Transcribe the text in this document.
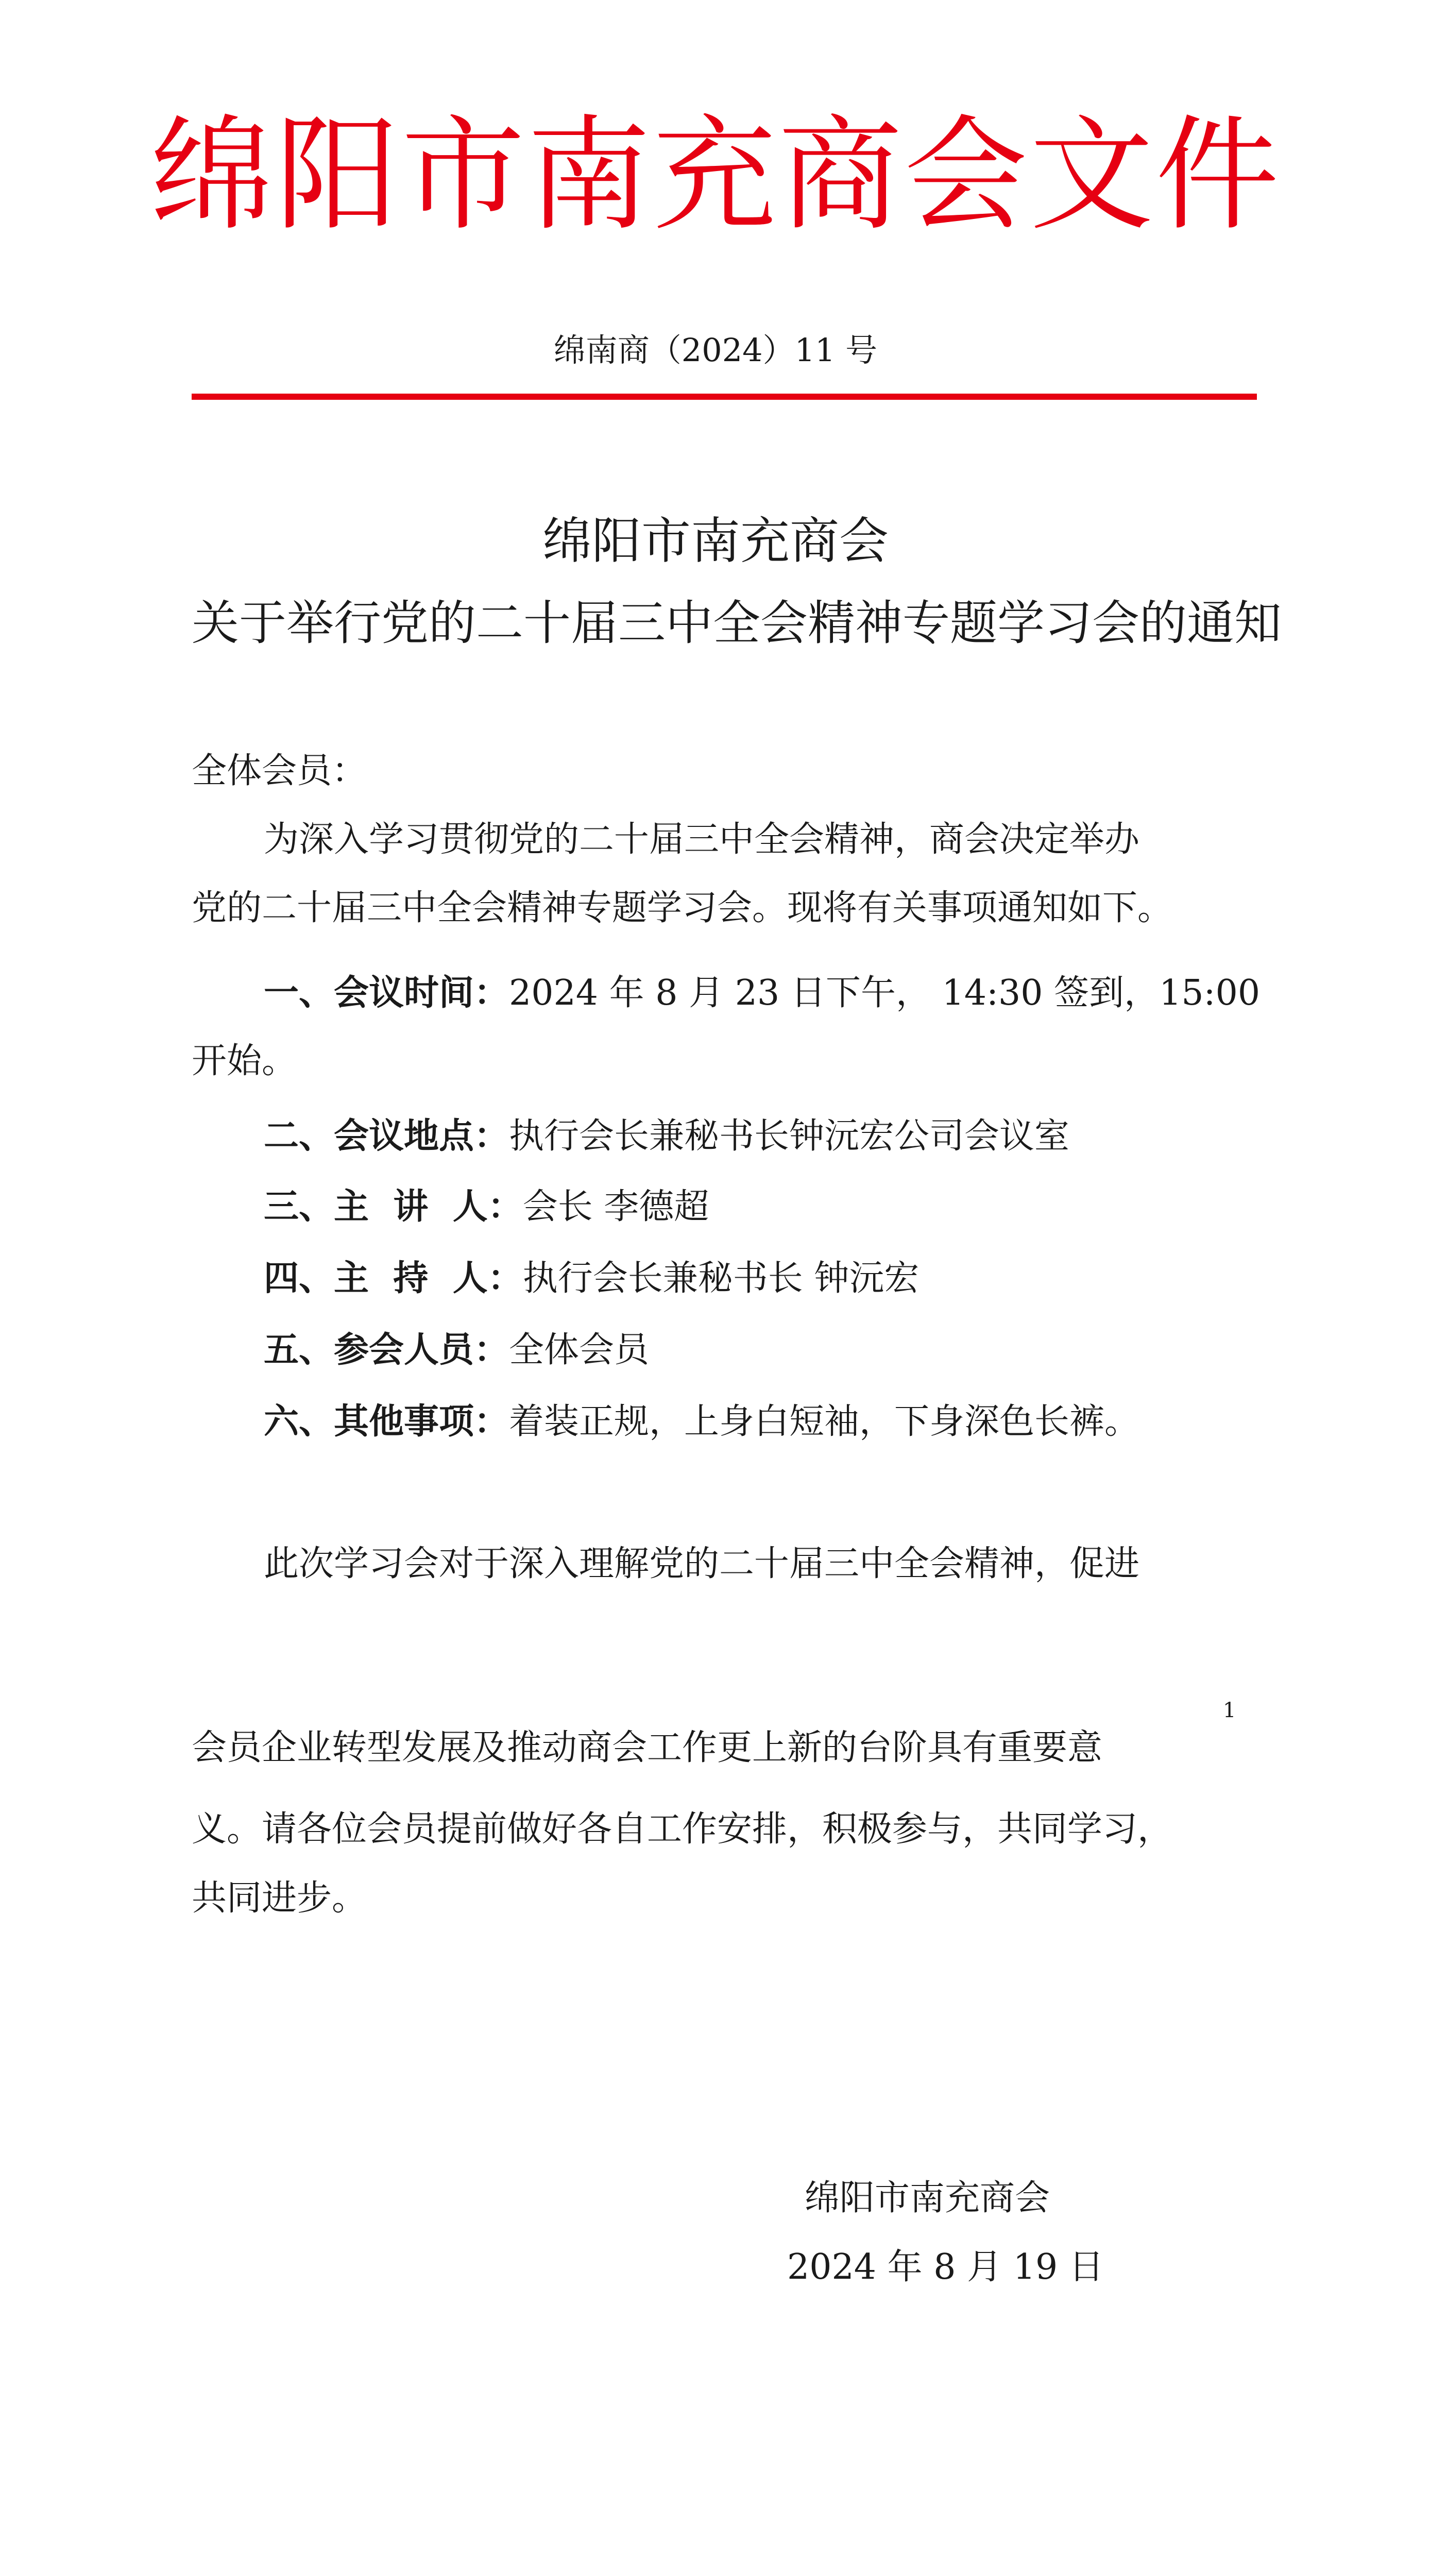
绵阳市南充商会文件
绵南商（2024）11 号
绵阳市南充商会
关于举行党的二十届三中全会精神专题学习会的通知
全体会员：
为深入学习贯彻党的二十届三中全会精神，商会决定举办
党的二十届三中全会精神专题学习会。现将有关事项通知如下。
一、会议时间：2024 年 8 月 23 日下午， 14:30 签到，15:00
开始。
二、会议地点：执行会长兼秘书长钟沅宏公司会议室
三、主  讲  人：会长 李德超
四、主  持  人：执行会长兼秘书长 钟沅宏
五、参会人员：全体会员
六、其他事项：着装正规，上身白短袖，下身深色长裤。
此次学习会对于深入理解党的二十届三中全会精神，促进
1
会员企业转型发展及推动商会工作更上新的台阶具有重要意
义。请各位会员提前做好各自工作安排，积极参与，共同学习，
共同进步。
绵阳市南充商会
2024 年 8 月 19 日
